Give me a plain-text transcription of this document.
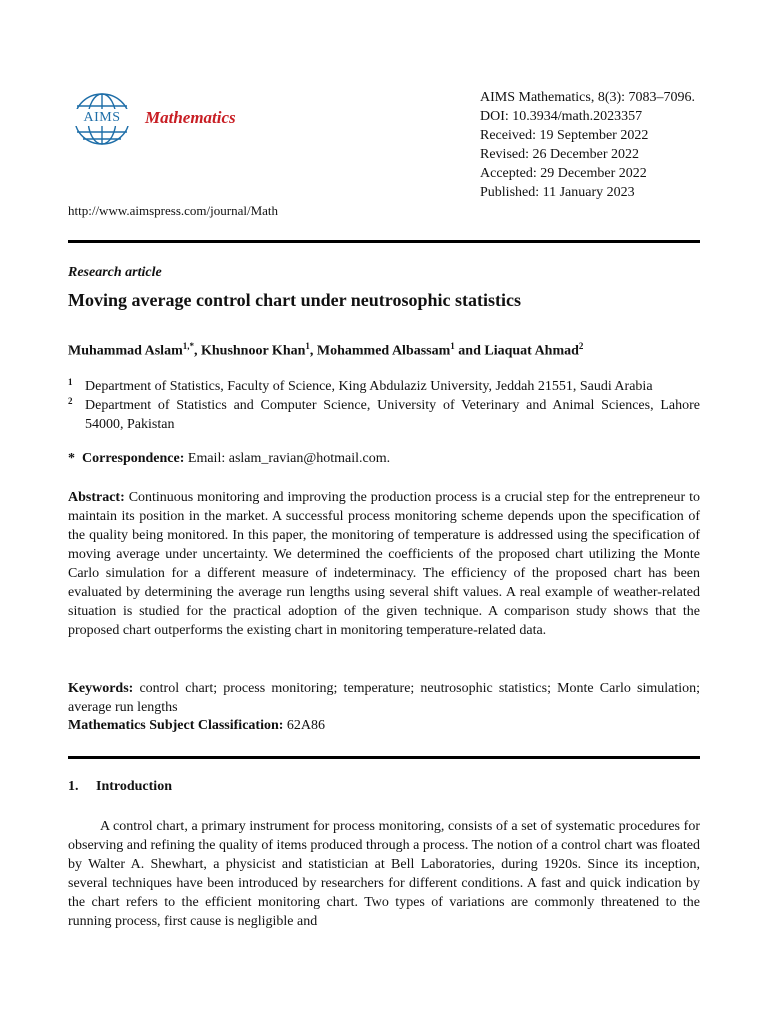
AIMS	Mathematics
AIMS Mathematics, 8(3): 7083–7096.
DOI: 10.3934/math.2023357
Received: 19 September 2022
Revised: 26 December 2022
Accepted: 29 December 2022
Published: 11 January 2023
http://www.aimspress.com/journal/Math
Research article
Moving average control chart under neutrosophic statistics
Muhammad Aslam$^{1,*}$, Khushnoor Khan$^1$, Mohammed Albassam$^1$ and Liaquat Ahmad$^2$
1 Department of Statistics, Faculty of Science, King Abdulaziz University, Jeddah 21551, Saudi Arabia
2 Department of Statistics and Computer Science, University of Veterinary and Animal Sciences, Lahore 54000, Pakistan
* Correspondence: Email: aslam_ravian@hotmail.com.

Abstract: Continuous monitoring and improving the production process is a crucial step for the entrepreneur to maintain its position in the market. A successful process monitoring scheme depends upon the specification of the quality being monitored. In this paper, the monitoring of temperature is addressed using the specification of moving average under uncertainty. We determined the coefficients of the proposed chart utilizing the Monte Carlo simulation for a different measure of indeterminacy. The efficiency of the proposed chart has been evaluated by determining the average run lengths using several shift values. A real example of weather-related situation is studied for the practical adoption of the given technique. A comparison study shows that the proposed chart outperforms the existing chart in monitoring temperature-related data.

Keywords: control chart; process monitoring; temperature; neutrosophic statistics; Monte Carlo simulation; average run lengths

Mathematics Subject Classification: 62A86
1. Introduction

A control chart, a primary instrument for process monitoring, consists of a set of systematic procedures for observing and refining the quality of items produced through a process. The notion of a control chart was floated by Walter A. Shewhart, a physicist and statistician at Bell Laboratories, during 1920s. Since its inception, several techniques have been introduced by researchers for different conditions. A fast and quick indication by the chart refers to the efficient monitoring chart. Two types of variations are commonly threatened to the running process, first cause is negligible and
